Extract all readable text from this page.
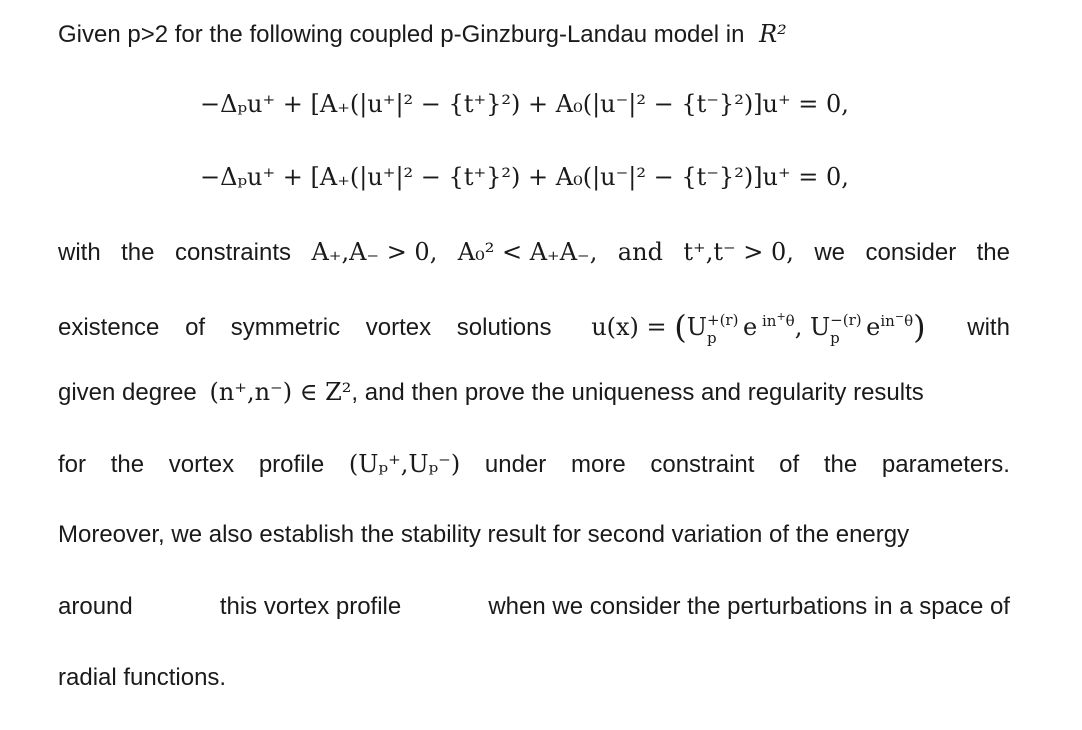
Given p>2 for the following coupled p-Ginzburg-Landau model in R²
−Δₚu⁺ + [A₊(|u⁺|² − {t⁺}²) + A₀(|u⁻|² − {t⁻}²)]u⁺ = 0,
−Δₚu⁺ + [A₊(|u⁺|² − {t⁺}²) + A₀(|u⁻|² − {t⁻}²)]u⁺ = 0,
with the constraints A₊,A₋ > 0, A₀² < A₊A₋, and t⁺,t⁻ > 0, we consider the
existence of symmetric vortex solutions u(x) = (U +(r)
p e $^{in^+\theta}$, U −(r)
p $e^{in^-\theta}$) with
given degree (n⁺,n⁻) ∈ Z², and then prove the uniqueness and regularity results
for the vortex profile (Uₚ⁺,Uₚ⁻) under more constraint of the parameters.
Moreover, we also establish the stability result for second variation of the energy
around	this vortex profile	when we consider the perturbations in a space of
radial functions.
